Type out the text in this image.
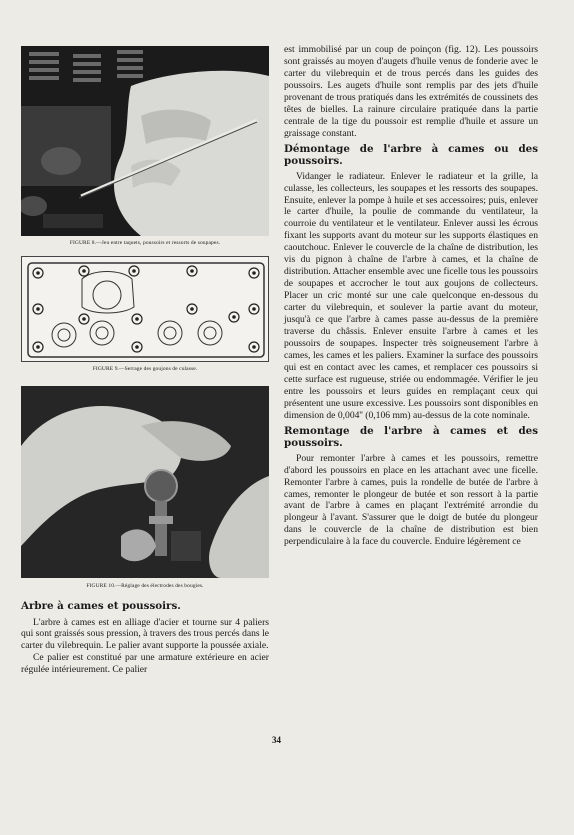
FIGURE 8.—Jeu entre taquets, poussoirs et ressorts de soupapes.
FIGURE 9.—Serrage des goujons de culasse.
FIGURE 10.—Réglage des électrodes des bougies.
Arbre à cames et poussoirs.

L'arbre à cames est en alliage d'acier et tourne sur 4 paliers qui sont graissés sous pression, à travers des trous percés dans le carter du vilebrequin. Le palier avant supporte la poussée axiale.

Ce palier est constitué par une armature extérieure en acier régulée intérieurement. Ce palier

est immobilisé par un coup de poinçon (fig. 12). Les poussoirs sont graissés au moyen d'augets d'huile venus de fonderie avec le carter du vilebrequin et de trous percés dans les guides des poussoirs. Les augets d'huile sont remplis par des jets d'huile provenant de trous pratiqués dans les extrémités de coussinets des têtes de bielles. La rainure circulaire pratiquée dans la partie centrale de la tige du poussoir est remplie d'huile et assure un graissage constant.

Démontage de l'arbre à cames ou des poussoirs.

Vidanger le radiateur. Enlever le radiateur et la grille, la culasse, les collecteurs, les soupapes et les ressorts des soupapes. Ensuite, enlever la pompe à huile et ses accessoires; puis, enlever le carter d'huile, la poulie de commande du ventilateur, la courroie du ventilateur et le ventilateur. Enlever aussi les écrous fixant les supports avant du moteur sur les supports élastiques en caoutchouc. Enlever le couvercle de la chaîne de distribution, les vis du pignon à chaîne de l'arbre à cames, et la chaîne de distribution. Attacher ensemble avec une ficelle tous les poussoirs de soupapes et accrocher le tout aux goujons de collecteurs. Placer un cric monté sur une cale quelconque en-dessous du carter du vilebrequin, et soulever la partie avant du moteur, jusqu'à ce que l'arbre à cames passe au-dessus de la première traverse du châssis. Enlever ensuite l'arbre à cames et les poussoirs de soupapes. Inspecter très soigneusement l'arbre à cames, les cames et les paliers. Examiner la surface des poussoirs qui est en contact avec les cames, et remplacer ces poussoirs si cette surface est rugueuse, striée ou endommagée. Vérifier le jeu entre les poussoirs et leurs guides en remplaçant ceux qui présentent une usure excessive. Les poussoirs sont disponibles en dimension de 0,004'' (0,106 mm) au-dessus de la cote nominale.

Remontage de l'arbre à cames et des poussoirs.

Pour remonter l'arbre à cames et les poussoirs, remettre d'abord les poussoirs en place en les attachant avec une ficelle. Remonter l'arbre à cames, puis la rondelle de butée de l'arbre à cames, remonter le plongeur de butée et son ressort à la partie avant de l'arbre à cames en plaçant l'extrémité arrondie du plongeur à l'avant. S'assurer que le doigt de butée du plongeur dans le couvercle de la chaîne de distribution est bien perpendiculaire à la face du couvercle. Enduire légèrement ce

34
